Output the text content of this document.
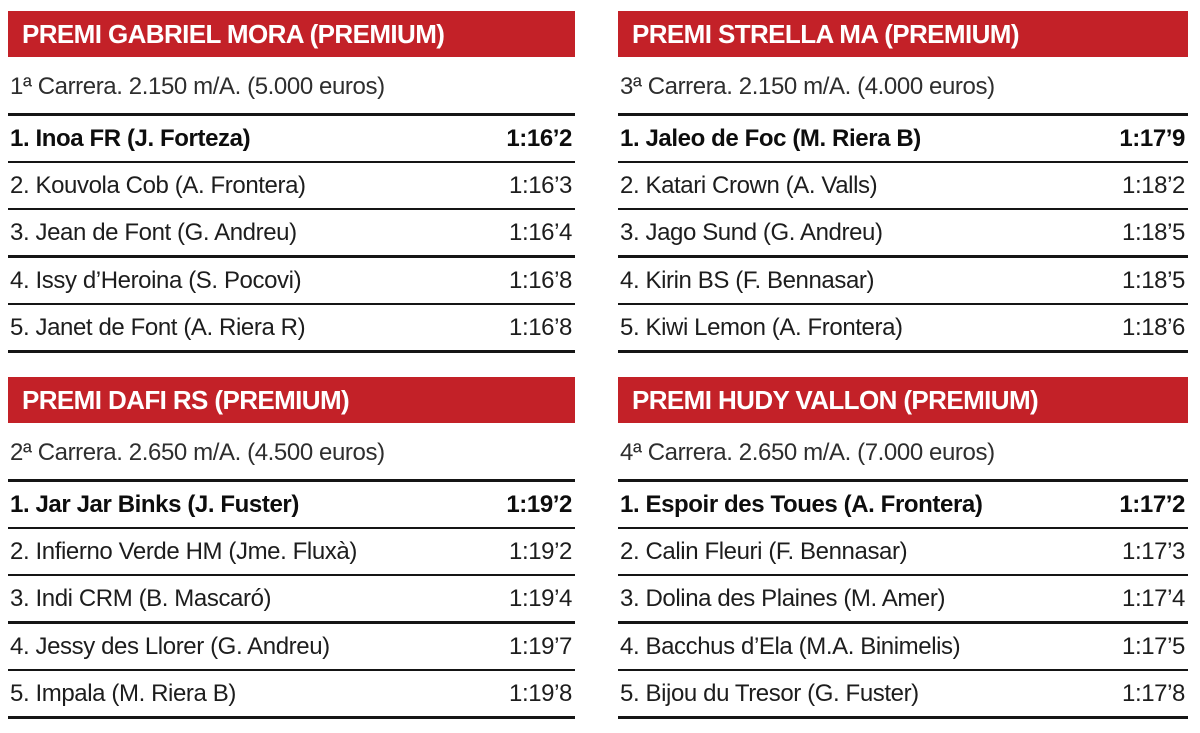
PREMI GABRIEL MORA (PREMIUM)
1ª Carrera. 2.150 m/A. (5.000 euros)
1. Inoa FR (J. Forteza)	1:16’2
2. Kouvola Cob (A. Frontera)	1:16’3
3. Jean de Font (G. Andreu)	1:16’4
4. Issy d’Heroina (S. Pocovi)	1:16’8
5. Janet de Font (A. Riera R)	1:16’8
PREMI STRELLA MA (PREMIUM)
3ª Carrera. 2.150 m/A. (4.000 euros)
1. Jaleo de Foc (M. Riera B)	1:17’9
2. Katari Crown (A. Valls)	1:18’2
3. Jago Sund (G. Andreu)	1:18’5
4. Kirin BS (F. Bennasar)	1:18’5
5. Kiwi Lemon (A. Frontera)	1:18’6
PREMI DAFI RS (PREMIUM)
2ª Carrera. 2.650 m/A. (4.500 euros)
1. Jar Jar Binks (J. Fuster)	1:19’2
2. Infierno Verde HM (Jme. Fluxà)	1:19’2
3. Indi CRM (B. Mascaró)	1:19’4
4. Jessy des Llorer (G. Andreu)	1:19’7
5. Impala (M. Riera B)	1:19’8
PREMI HUDY VALLON (PREMIUM)
4ª Carrera. 2.650 m/A. (7.000 euros)
1. Espoir des Toues (A. Frontera)	1:17’2
2. Calin Fleuri (F. Bennasar)	1:17’3
3. Dolina des Plaines (M. Amer)	1:17’4
4. Bacchus d’Ela (M.A. Binimelis)	1:17’5
5. Bijou du Tresor (G. Fuster)	1:17’8
